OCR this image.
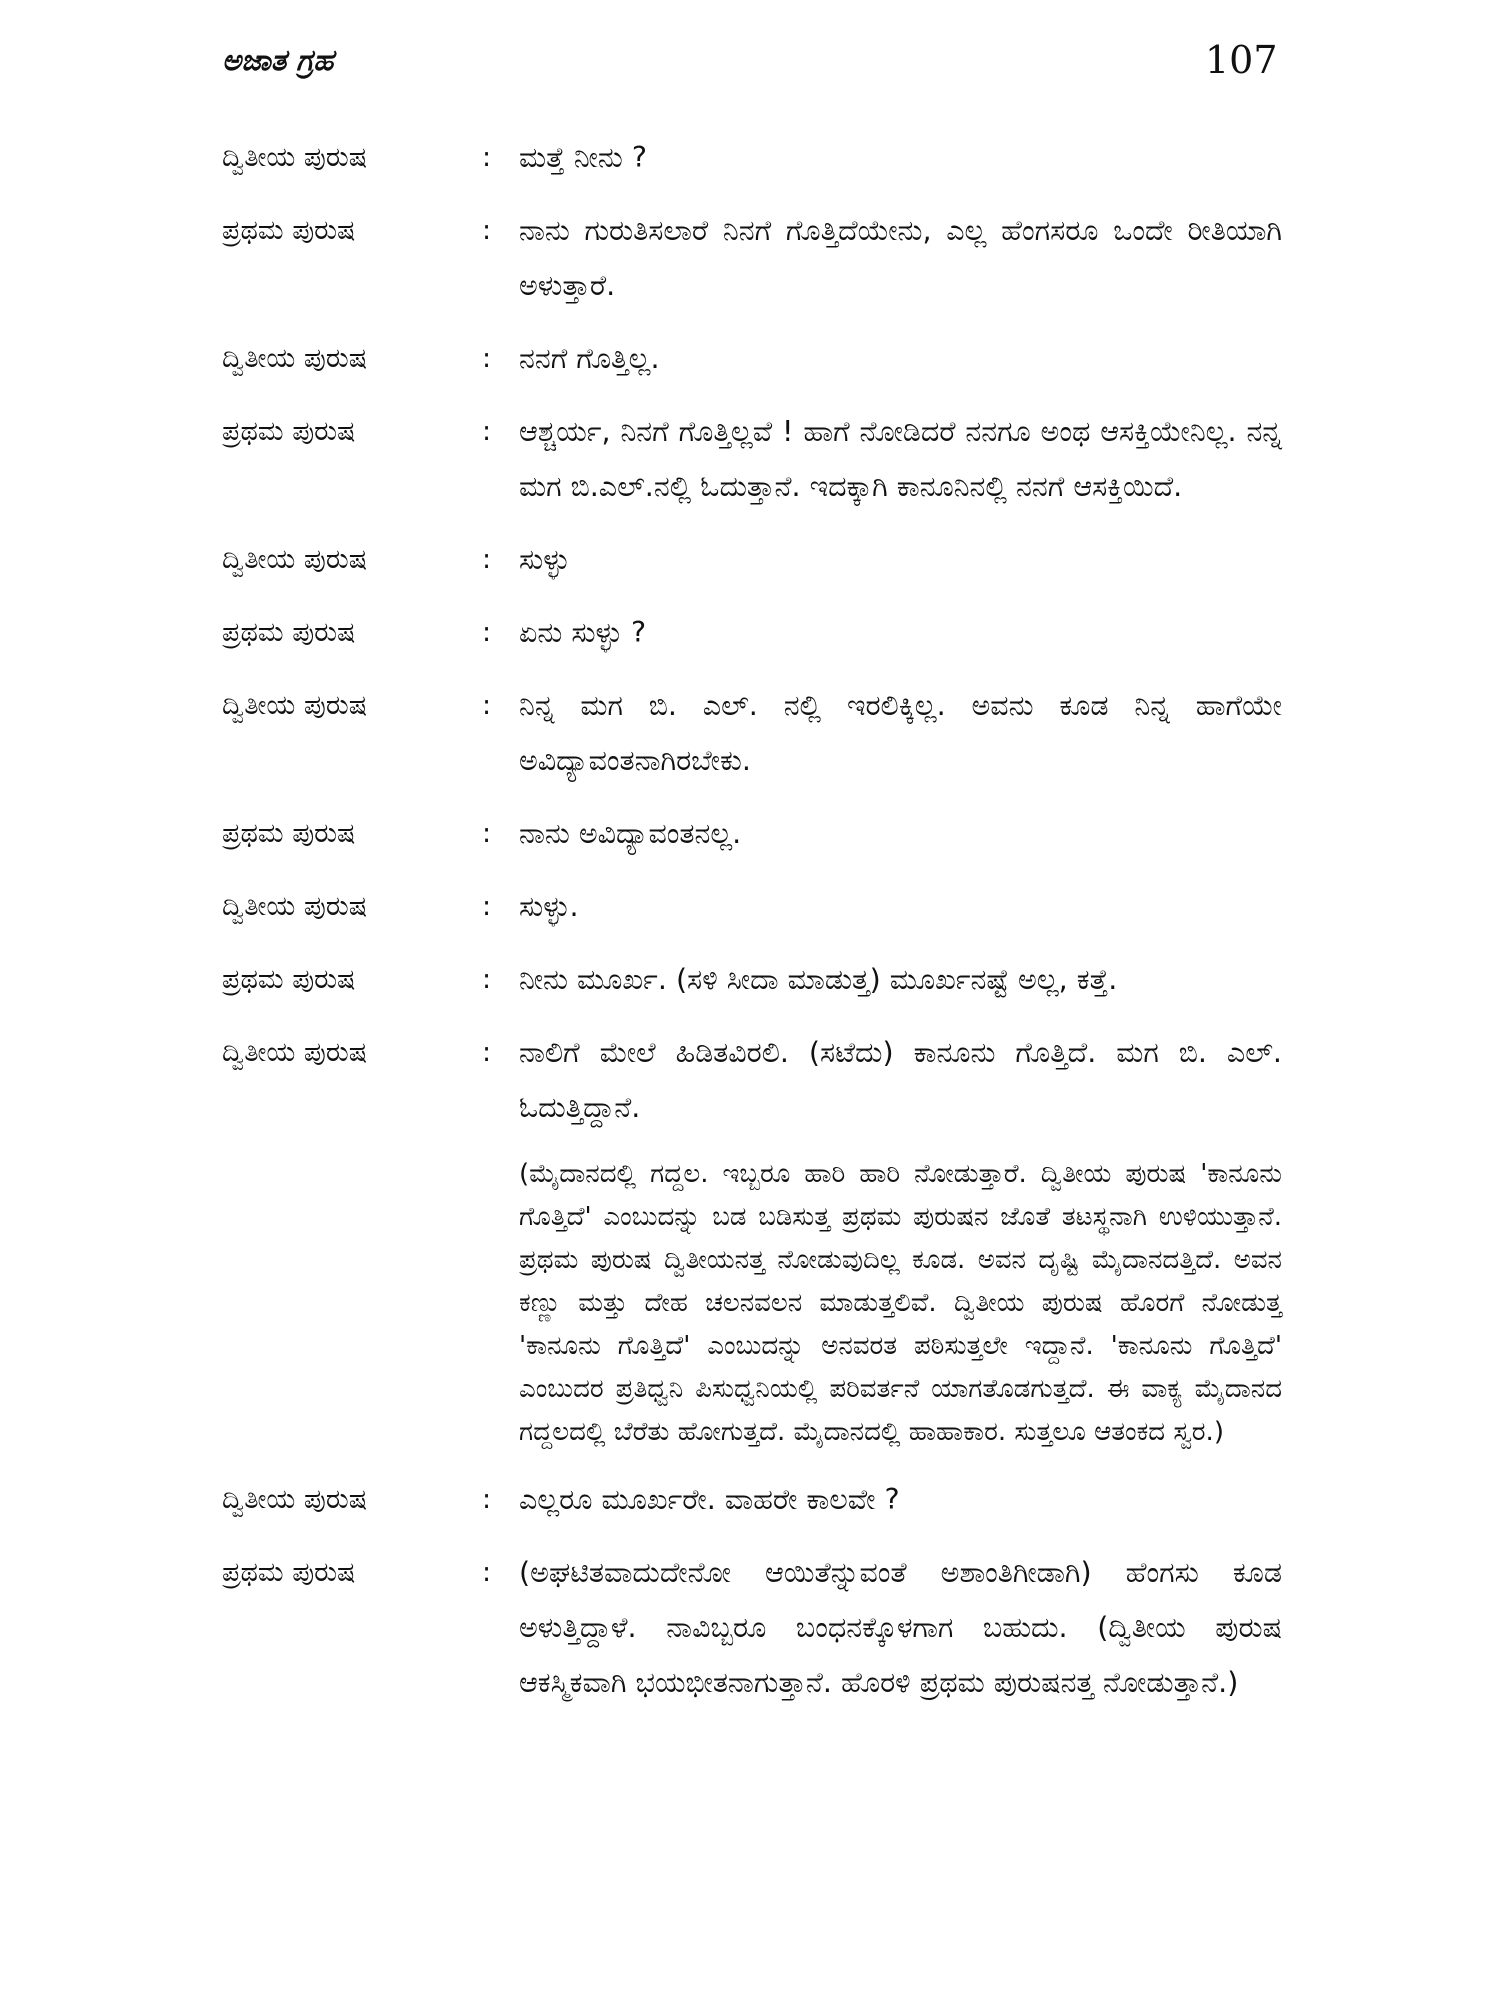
ಅಜಾತ ಗ್ರಹ	107
ದ್ವಿತೀಯ ಪುರುಷ	: ಮತ್ತೆ ನೀನು ?
ಪ್ರಥಮ ಪುರುಷ	: ನಾನು ಗುರುತಿಸಲಾರೆ ನಿನಗೆ ಗೊತ್ತಿದೆಯೇನು, ಎಲ್ಲ ಹೆಂಗಸರೂ ಒಂದೇ ರೀತಿಯಾಗಿ ಅಳುತ್ತಾರೆ.
ದ್ವಿತೀಯ ಪುರುಷ	: ನನಗೆ ಗೊತ್ತಿಲ್ಲ.
ಪ್ರಥಮ ಪುರುಷ	: ಆಶ್ಚರ್ಯ, ನಿನಗೆ ಗೊತ್ತಿಲ್ಲವೆ ! ಹಾಗೆ ನೋಡಿದರೆ ನನಗೂ ಅಂಥ ಆಸಕ್ತಿಯೇನಿಲ್ಲ. ನನ್ನ ಮಗ ಬಿ.ಎಲ್.ನಲ್ಲಿ ಓದುತ್ತಾನೆ. ಇದಕ್ಕಾಗಿ ಕಾನೂನಿನಲ್ಲಿ ನನಗೆ ಆಸಕ್ತಿಯಿದೆ.
ದ್ವಿತೀಯ ಪುರುಷ	: ಸುಳ್ಳು
ಪ್ರಥಮ ಪುರುಷ	: ಏನು ಸುಳ್ಳು ?
ದ್ವಿತೀಯ ಪುರುಷ	: ನಿನ್ನ ಮಗ ಬಿ. ಎಲ್. ನಲ್ಲಿ ಇರಲಿಕ್ಕಿಲ್ಲ. ಅವನು ಕೂಡ ನಿನ್ನ ಹಾಗೆಯೇ ಅವಿದ್ಯಾವಂತನಾಗಿರಬೇಕು.
ಪ್ರಥಮ ಪುರುಷ	: ನಾನು ಅವಿದ್ಯಾವಂತನಲ್ಲ.
ದ್ವಿತೀಯ ಪುರುಷ	: ಸುಳ್ಳು.
ಪ್ರಥಮ ಪುರುಷ	: ನೀನು ಮೂರ್ಖ. (ಸಳಿ ಸೀದಾ ಮಾಡುತ್ತ) ಮೂರ್ಖನಷ್ಟೆ ಅಲ್ಲ, ಕತ್ತೆ.
ದ್ವಿತೀಯ ಪುರುಷ	: ನಾಲಿಗೆ ಮೇಲೆ ಹಿಡಿತವಿರಲಿ. (ಸಟೆದು) ಕಾನೂನು ಗೊತ್ತಿದೆ. ಮಗ ಬಿ. ಎಲ್. ಓದುತ್ತಿದ್ದಾನೆ.
(ಮೈದಾನದಲ್ಲಿ ಗದ್ದಲ. ಇಬ್ಬರೂ ಹಾರಿ ಹಾರಿ ನೋಡುತ್ತಾರೆ. ದ್ವಿತೀಯ ಪುರುಷ 'ಕಾನೂನು ಗೊತ್ತಿದೆ' ಎಂಬುದನ್ನು ಬಡ ಬಡಿಸುತ್ತ ಪ್ರಥಮ ಪುರುಷನ ಜೊತೆ ತಟಸ್ಥನಾಗಿ ಉಳಿಯುತ್ತಾನೆ. ಪ್ರಥಮ ಪುರುಷ ದ್ವಿತೀಯನತ್ತ ನೋಡುವುದಿಲ್ಲ ಕೂಡ. ಅವನ ದೃಷ್ಟಿ ಮೈದಾನದತ್ತಿದೆ. ಅವನ ಕಣ್ಣು ಮತ್ತು ದೇಹ ಚಲನವಲನ ಮಾಡುತ್ತಲಿವೆ. ದ್ವಿತೀಯ ಪುರುಷ ಹೊರಗೆ ನೋಡುತ್ತ 'ಕಾನೂನು ಗೊತ್ತಿದೆ' ಎಂಬುದನ್ನು ಅನವರತ ಪಠಿಸುತ್ತಲೇ ಇದ್ದಾನೆ. 'ಕಾನೂನು ಗೊತ್ತಿದೆ' ಎಂಬುದರ ಪ್ರತಿಧ್ವನಿ ಪಿಸುಧ್ವನಿಯಲ್ಲಿ ಪರಿವರ್ತನೆ ಯಾಗತೊಡಗುತ್ತದೆ. ಈ ವಾಕ್ಯ ಮೈದಾನದ ಗದ್ದಲದಲ್ಲಿ ಬೆರೆತು ಹೋಗುತ್ತದೆ. ಮೈದಾನದಲ್ಲಿ ಹಾಹಾಕಾರ. ಸುತ್ತಲೂ ಆತಂಕದ ಸ್ವರ.)
ದ್ವಿತೀಯ ಪುರುಷ	: ಎಲ್ಲರೂ ಮೂರ್ಖರೇ. ವಾಹರೇ ಕಾಲವೇ ?
ಪ್ರಥಮ ಪುರುಷ	: (ಅಘಟಿತವಾದುದೇನೋ ಆಯಿತೆನ್ನುವಂತೆ ಅಶಾಂತಿಗೀಡಾಗಿ) ಹೆಂಗಸು ಕೂಡ ಅಳುತ್ತಿದ್ದಾಳೆ. ನಾವಿಬ್ಬರೂ ಬಂಧನಕ್ಕೊಳಗಾಗ ಬಹುದು. (ದ್ವಿತೀಯ ಪುರುಷ ಆಕಸ್ಮಿಕವಾಗಿ ಭಯಭೀತನಾಗುತ್ತಾನೆ. ಹೊರಳಿ ಪ್ರಥಮ ಪುರುಷನತ್ತ ನೋಡುತ್ತಾನೆ.)
